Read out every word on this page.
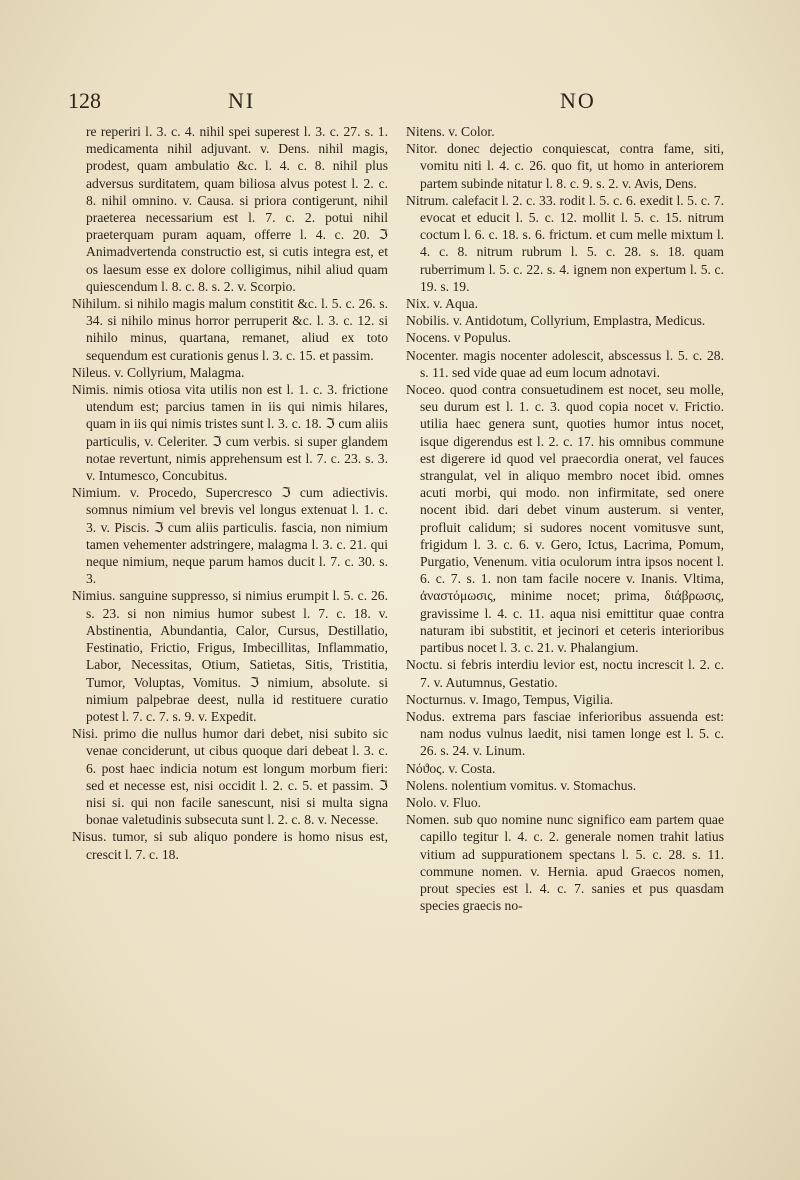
128	NI	NO

re reperiri l. 3. c. 4. nihil spei superest l. 3. c. 27. s. 1. medicamenta nihil adjuvant. v. Dens. nihil magis, prodest, quam ambulatio &c. l. 4. c. 8. nihil plus adversus surditatem, quam biliosa alvus potest l. 2. c. 8. nihil omnino. v. Causa. si priora contigerunt, nihil praeterea necessarium est l. 7. c. 2. potui nihil praeterquam puram aquam, offerre l. 4. c. 20. ℑ Animadvertenda constructio est, si cutis integra est, et os laesum esse ex dolore colligimus, nihil aliud quam quiescendum l. 8. c. 8. s. 2. v. Scorpio.

Nihilum. si nihilo magis malum constitit &c. l. 5. c. 26. s. 34. si nihilo minus horror perruperit &c. l. 3. c. 12. si nihilo minus, quartana, remanet, aliud ex toto sequendum est curationis genus l. 3. c. 15. et passim.

Nileus. v. Collyrium, Malagma.

Nimis. nimis otiosa vita utilis non est l. 1. c. 3. frictione utendum est; parcius tamen in iis qui nimis hilares, quam in iis qui nimis tristes sunt l. 3. c. 18. ℑ cum aliis particulis, v. Celeriter. ℑ cum verbis. si super glandem notae revertunt, nimis apprehensum est l. 7. c. 23. s. 3. v. Intumesco, Concubitus.

Nimium. v. Procedo, Supercresco ℑ cum adiectivis. somnus nimium vel brevis vel longus extenuat l. 1. c. 3. v. Piscis. ℑ cum aliis particulis. fascia, non nimium tamen vehementer adstringere, malagma l. 3. c. 21. qui neque nimium, neque parum hamos ducit l. 7. c. 30. s. 3.

Nimius. sanguine suppresso, si nimius erumpit l. 5. c. 26. s. 23. si non nimius humor subest l. 7. c. 18. v. Abstinentia, Abundantia, Calor, Cursus, Destillatio, Festinatio, Frictio, Frigus, Imbecillitas, Inflammatio, Labor, Necessitas, Otium, Satietas, Sitis, Tristitia, Tumor, Voluptas, Vomitus. ℑ nimium, absolute. si nimium palpebrae deest, nulla id restituere curatio potest l. 7. c. 7. s. 9. v. Expedit.

Nisi. primo die nullus humor dari debet, nisi subito sic venae conciderunt, ut cibus quoque dari debeat l. 3. c. 6. post haec indicia notum est longum morbum fieri: sed et necesse est, nisi occidit l. 2. c. 5. et passim. ℑ nisi si. qui non facile sanescunt, nisi si multa signa bonae valetudinis subsecuta sunt l. 2. c. 8. v. Necesse.

Nisus. tumor, si sub aliquo pondere is homo nisus est, crescit l. 7. c. 18.

Nitens. v. Color.

Nitor. donec dejectio conquiescat, contra fame, siti, vomitu niti l. 4. c. 26. quo fit, ut homo in anteriorem partem subinde nitatur l. 8. c. 9. s. 2. v. Avis, Dens.

Nitrum. calefacit l. 2. c. 33. rodit l. 5. c. 6. exedit l. 5. c. 7. evocat et educit l. 5. c. 12. mollit l. 5. c. 15. nitrum coctum l. 6. c. 18. s. 6. frictum. et cum melle mixtum l. 4. c. 8. nitrum rubrum l. 5. c. 28. s. 18. quam ruberrimum l. 5. c. 22. s. 4. ignem non expertum l. 5. c. 19. s. 19.

Nix. v. Aqua.

Nobilis. v. Antidotum, Collyrium, Emplastra, Medicus.

Nocens. v Populus.

Nocenter. magis nocenter adolescit, abscessus l. 5. c. 28. s. 11. sed vide quae ad eum locum adnotavi.

Noceo. quod contra consuetudinem est nocet, seu molle, seu durum est l. 1. c. 3. quod copia nocet v. Frictio. utilia haec genera sunt, quoties humor intus nocet, isque digerendus est l. 2. c. 17. his omnibus commune est digerere id quod vel praecordia onerat, vel fauces strangulat, vel in aliquo membro nocet ibid. omnes acuti morbi, qui modo. non infirmitate, sed onere nocent ibid. dari debet vinum austerum. si venter, profluit calidum; si sudores nocent vomitusve sunt, frigidum l. 3. c. 6. v. Gero, Ictus, Lacrima, Pomum, Purgatio, Venenum. vitia oculorum intra ipsos nocent l. 6. c. 7. s. 1. non tam facile nocere v. Inanis. Vltima, ἀναστόμωσις, minime nocet; prima, διάβρωσις, gravissime l. 4. c. 11. aqua nisi emittitur quae contra naturam ibi substitit, et jecinori et ceteris interioribus partibus nocet l. 3. c. 21. v. Phalangium.

Noctu. si febris interdiu levior est, noctu increscit l. 2. c. 7. v. Autumnus, Gestatio.

Nocturnus. v. Imago, Tempus, Vigilia.

Nodus. extrema pars fasciae inferioribus assuenda est: nam nodus vulnus laedit, nisi tamen longe est l. 5. c. 26. s. 24. v. Linum.

Νόϑος. v. Costa.

Nolens. nolentium vomitus. v. Stomachus.

Nolo. v. Fluo.

Nomen. sub quo nomine nunc significo eam partem quae capillo tegitur l. 4. c. 2. generale nomen trahit latius vitium ad suppurationem spectans l. 5. c. 28. s. 11. commune nomen. v. Hernia. apud Graecos nomen, prout species est l. 4. c. 7. sanies et pus quasdam species graecis no-
